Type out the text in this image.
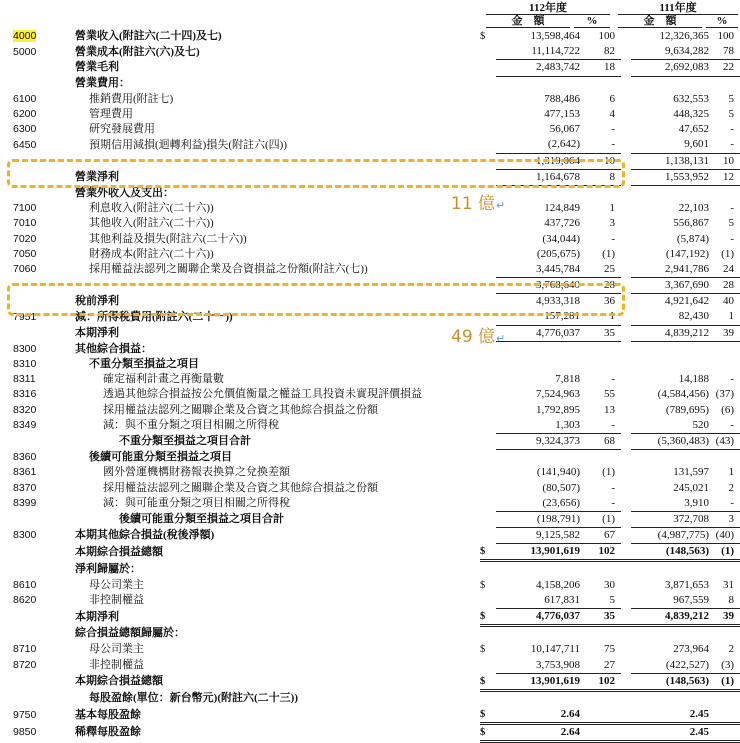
112年度	111年度
金　額	%	金　額	%
4000	營業收入(附註六(二十四)及七)	$	13,598,464	100		12,326,365	100
5000	營業成本(附註六(六)及七)		11,114,722	82		9,634,282	78
	營業毛利		2,483,742	18		2,692,083	22
	營業費用：						
6100	推銷費用(附註七)		788,486	6		632,553	5
6200	管理費用		477,153	4		448,325	5
6300	研究發展費用		56,067	-		47,652	-
6450	預期信用減損(迴轉利益)損失(附註六(四))		(2,642)	-		9,601	-
			1,319,064	10		1,138,131	10
	營業淨利		1,164,678	8		1,553,952	12
	營業外收入及支出：						
7100	利息收入(附註六(二十六))		124,849	1		22,103	-
7010	其他收入(附註六(二十六))		437,726	3		556,867	5
7020	其他利益及損失(附註六(二十六))		(34,044)	-		(5,874)	-
7050	財務成本(附註六(二十六))		(205,675)	(1)		(147,192)	(1)
7060	採用權益法認列之關聯企業及合資損益之份額(附註六(七))		3,445,784	25		2,941,786	24
			3,768,640	28		3,367,690	28
	稅前淨利		4,933,318	36		4,921,642	40
7951	減：所得稅費用(附註六(二十一))		157,281	1		82,430	1
	本期淨利		4,776,037	35		4,839,212	39
8300	其他綜合損益：						
8310	不重分類至損益之項目						
8311	確定福利計畫之再衡量數		7,818	-		14,188	-
8316	透過其他綜合損益按公允價值衡量之權益工具投資未實現評價損益		7,524,963	55		(4,584,456)	(37)
8320	採用權益法認列之關聯企業及合資之其他綜合損益之份額		1,792,895	13		(789,695)	(6)
8349	減：與不重分類之項目相關之所得稅		1,303	-		520	-
	不重分類至損益之項目合計		9,324,373	68		(5,360,483)	(43)
8360	後續可能重分類至損益之項目						
8361	國外營運機構財務報表換算之兌換差額		(141,940)	(1)		131,597	1
8370	採用權益法認列之關聯企業及合資之其他綜合損益之份額		(80,507)	-		245,021	2
8399	減：與可能重分類之項目相關之所得稅		(23,656)	-		3,910	-
	後續可能重分類至損益之項目合計		(198,791)	(1)		372,708	3
8300	本期其他綜合損益(稅後淨額)		9,125,582	67		(4,987,775)	(40)
	本期綜合損益總額	$	13,901,619	102		(148,563)	(1)
	淨利歸屬於：						
8610	母公司業主	$	4,158,206	30		3,871,653	31
8620	非控制權益		617,831	5		967,559	8
	本期淨利	$	4,776,037	35		4,839,212	39
	綜合損益總額歸屬於：						
8710	母公司業主	$	10,147,711	75		273,964	2
8720	非控制權益		3,753,908	27		(422,527)	(3)
	本期綜合損益總額	$	13,901,619	102		(148,563)	(1)
	每股盈餘(單位：新台幣元)(附註六(二十三))						
9750	基本每股盈餘	$	2.64			2.45	
9850	稀釋每股盈餘	$	2.64			2.45	
11 億↵
49 億↵
